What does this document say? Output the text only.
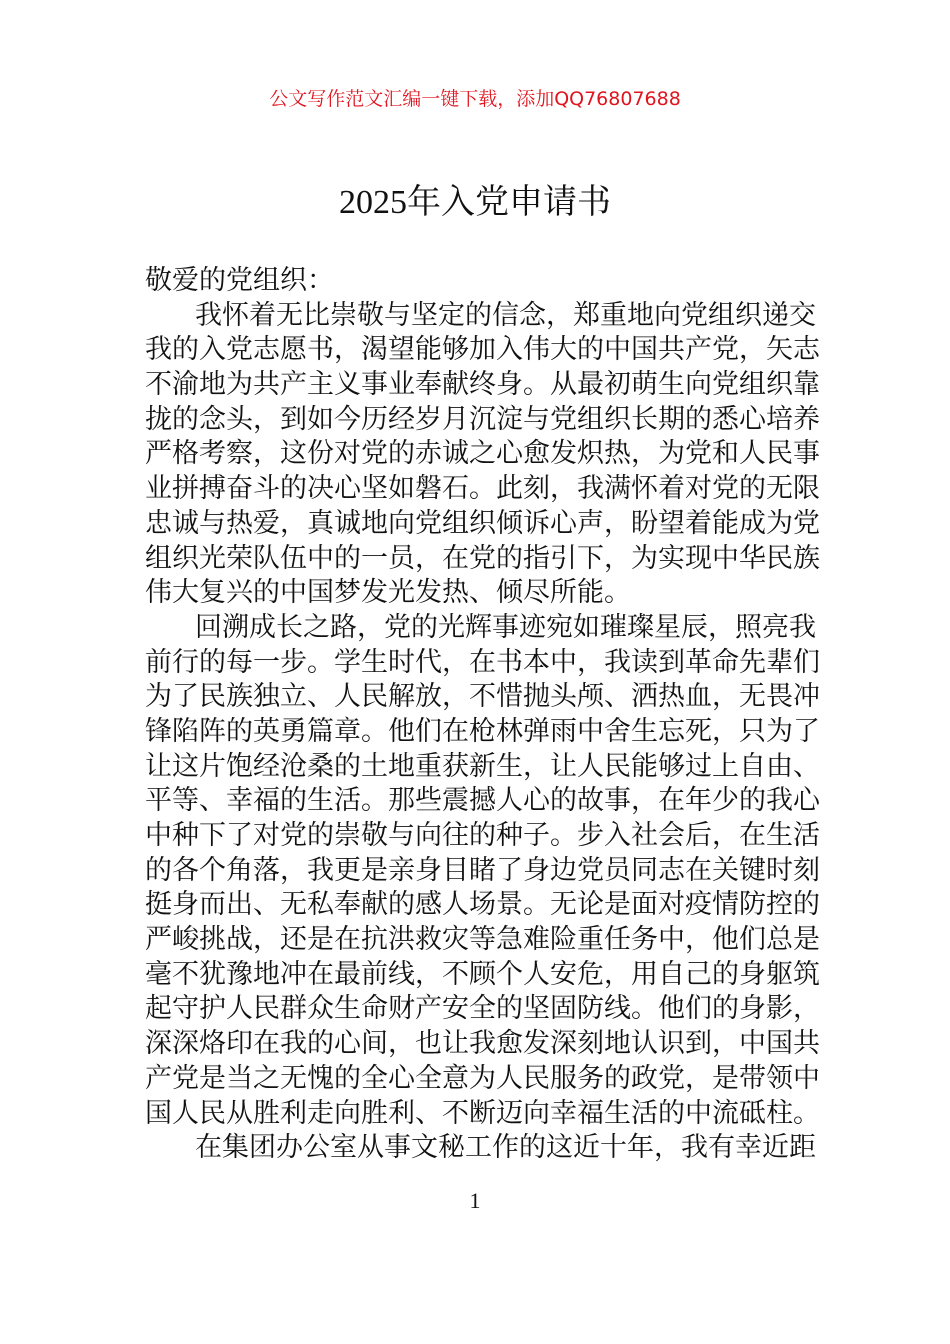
公文写作范文汇编一键下载，添加QQ76807688
2025年入党申请书
敬爱的党组织：
我怀着无比崇敬与坚定的信念，郑重地向党组织递交
我的入党志愿书，渴望能够加入伟大的中国共产党，矢志
不渝地为共产主义事业奉献终身。从最初萌生向党组织靠
拢的念头，到如今历经岁月沉淀与党组织长期的悉心培养
严格考察，这份对党的赤诚之心愈发炽热，为党和人民事
业拼搏奋斗的决心坚如磐石。此刻，我满怀着对党的无限
忠诚与热爱，真诚地向党组织倾诉心声，盼望着能成为党
组织光荣队伍中的一员，在党的指引下，为实现中华民族
伟大复兴的中国梦发光发热、倾尽所能。
回溯成长之路，党的光辉事迹宛如璀璨星辰，照亮我
前行的每一步。学生时代，在书本中，我读到革命先辈们
为了民族独立、人民解放，不惜抛头颅、洒热血，无畏冲
锋陷阵的英勇篇章。他们在枪林弹雨中舍生忘死，只为了
让这片饱经沧桑的土地重获新生，让人民能够过上自由、
平等、幸福的生活。那些震撼人心的故事，在年少的我心
中种下了对党的崇敬与向往的种子。步入社会后，在生活
的各个角落，我更是亲身目睹了身边党员同志在关键时刻
挺身而出、无私奉献的感人场景。无论是面对疫情防控的
严峻挑战，还是在抗洪救灾等急难险重任务中，他们总是
毫不犹豫地冲在最前线，不顾个人安危，用自己的身躯筑
起守护人民群众生命财产安全的坚固防线。他们的身影，
深深烙印在我的心间，也让我愈发深刻地认识到，中国共
产党是当之无愧的全心全意为人民服务的政党，是带领中
国人民从胜利走向胜利、不断迈向幸福生活的中流砥柱。
在集团办公室从事文秘工作的这近十年，我有幸近距
1
